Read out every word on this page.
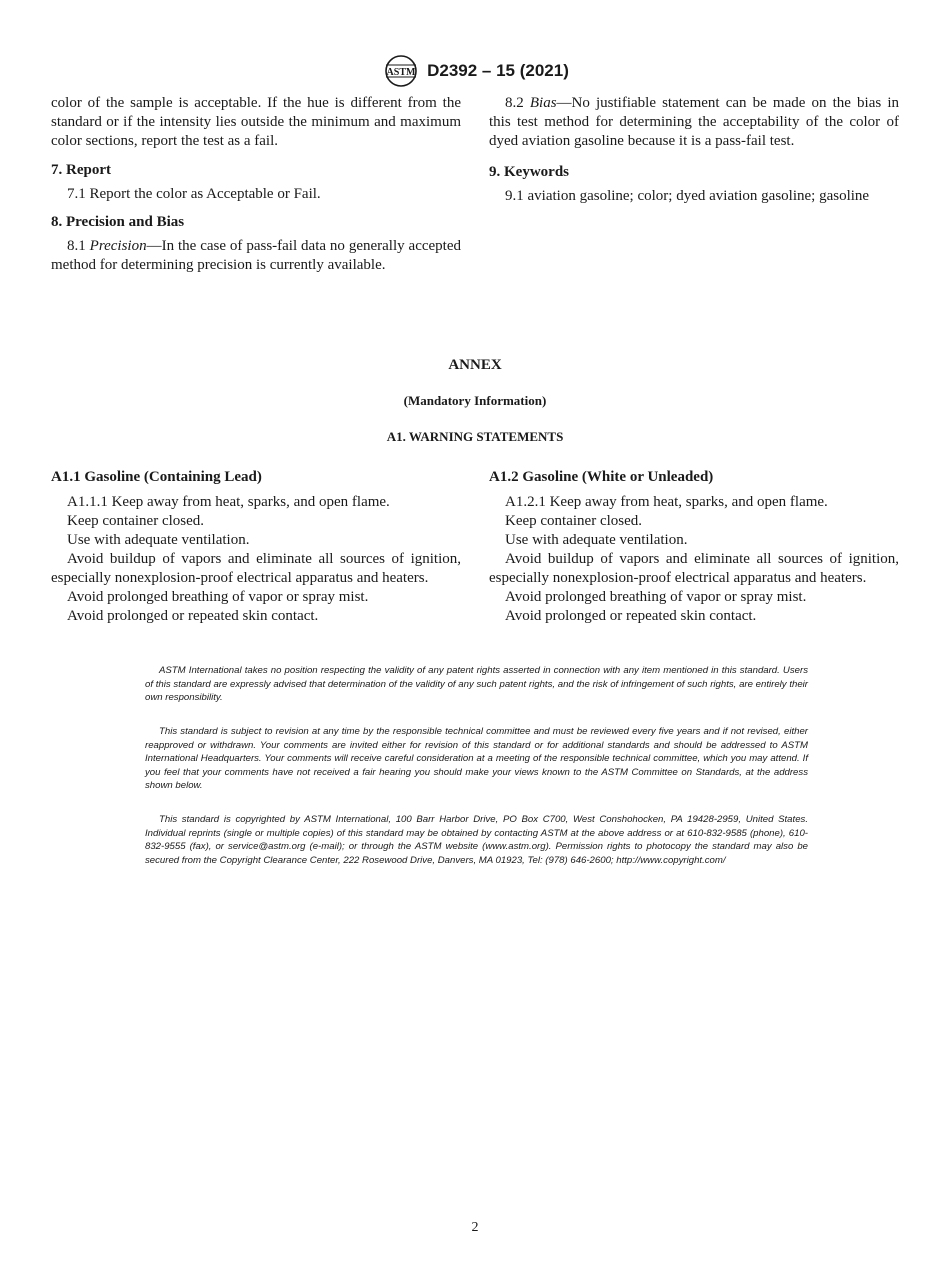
ASTM D2392 – 15 (2021)

color of the sample is acceptable. If the hue is different from the standard or if the intensity lies outside the minimum and maximum color sections, report the test as a fail.

7. Report

7.1 Report the color as Acceptable or Fail.

8. Precision and Bias

8.1 Precision—In the case of pass-fail data no generally accepted method for determining precision is currently available.

8.2 Bias—No justifiable statement can be made on the bias in this test method for determining the acceptability of the color of dyed aviation gasoline because it is a pass-fail test.

9. Keywords

9.1 aviation gasoline; color; dyed aviation gasoline; gasoline

ANNEX
(Mandatory Information)
A1. WARNING STATEMENTS

A1.1 Gasoline (Containing Lead)

A1.1.1 Keep away from heat, sparks, and open flame.

Keep container closed.

Use with adequate ventilation.

Avoid buildup of vapors and eliminate all sources of ignition, especially nonexplosion-proof electrical apparatus and heaters.

Avoid prolonged breathing of vapor or spray mist.

Avoid prolonged or repeated skin contact.

A1.2 Gasoline (White or Unleaded)

A1.2.1 Keep away from heat, sparks, and open flame.

Keep container closed.

Use with adequate ventilation.

Avoid buildup of vapors and eliminate all sources of ignition, especially nonexplosion-proof electrical apparatus and heaters.

Avoid prolonged breathing of vapor or spray mist.

Avoid prolonged or repeated skin contact.

ASTM International takes no position respecting the validity of any patent rights asserted in connection with any item mentioned in this standard. Users of this standard are expressly advised that determination of the validity of any such patent rights, and the risk of infringement of such rights, are entirely their own responsibility.

This standard is subject to revision at any time by the responsible technical committee and must be reviewed every five years and if not revised, either reapproved or withdrawn. Your comments are invited either for revision of this standard or for additional standards and should be addressed to ASTM International Headquarters. Your comments will receive careful consideration at a meeting of the responsible technical committee, which you may attend. If you feel that your comments have not received a fair hearing you should make your views known to the ASTM Committee on Standards, at the address shown below.

This standard is copyrighted by ASTM International, 100 Barr Harbor Drive, PO Box C700, West Conshohocken, PA 19428-2959, United States. Individual reprints (single or multiple copies) of this standard may be obtained by contacting ASTM at the above address or at 610-832-9585 (phone), 610-832-9555 (fax), or service@astm.org (e-mail); or through the ASTM website (www.astm.org). Permission rights to photocopy the standard may also be secured from the Copyright Clearance Center, 222 Rosewood Drive, Danvers, MA 01923, Tel: (978) 646-2600; http://www.copyright.com/

2
